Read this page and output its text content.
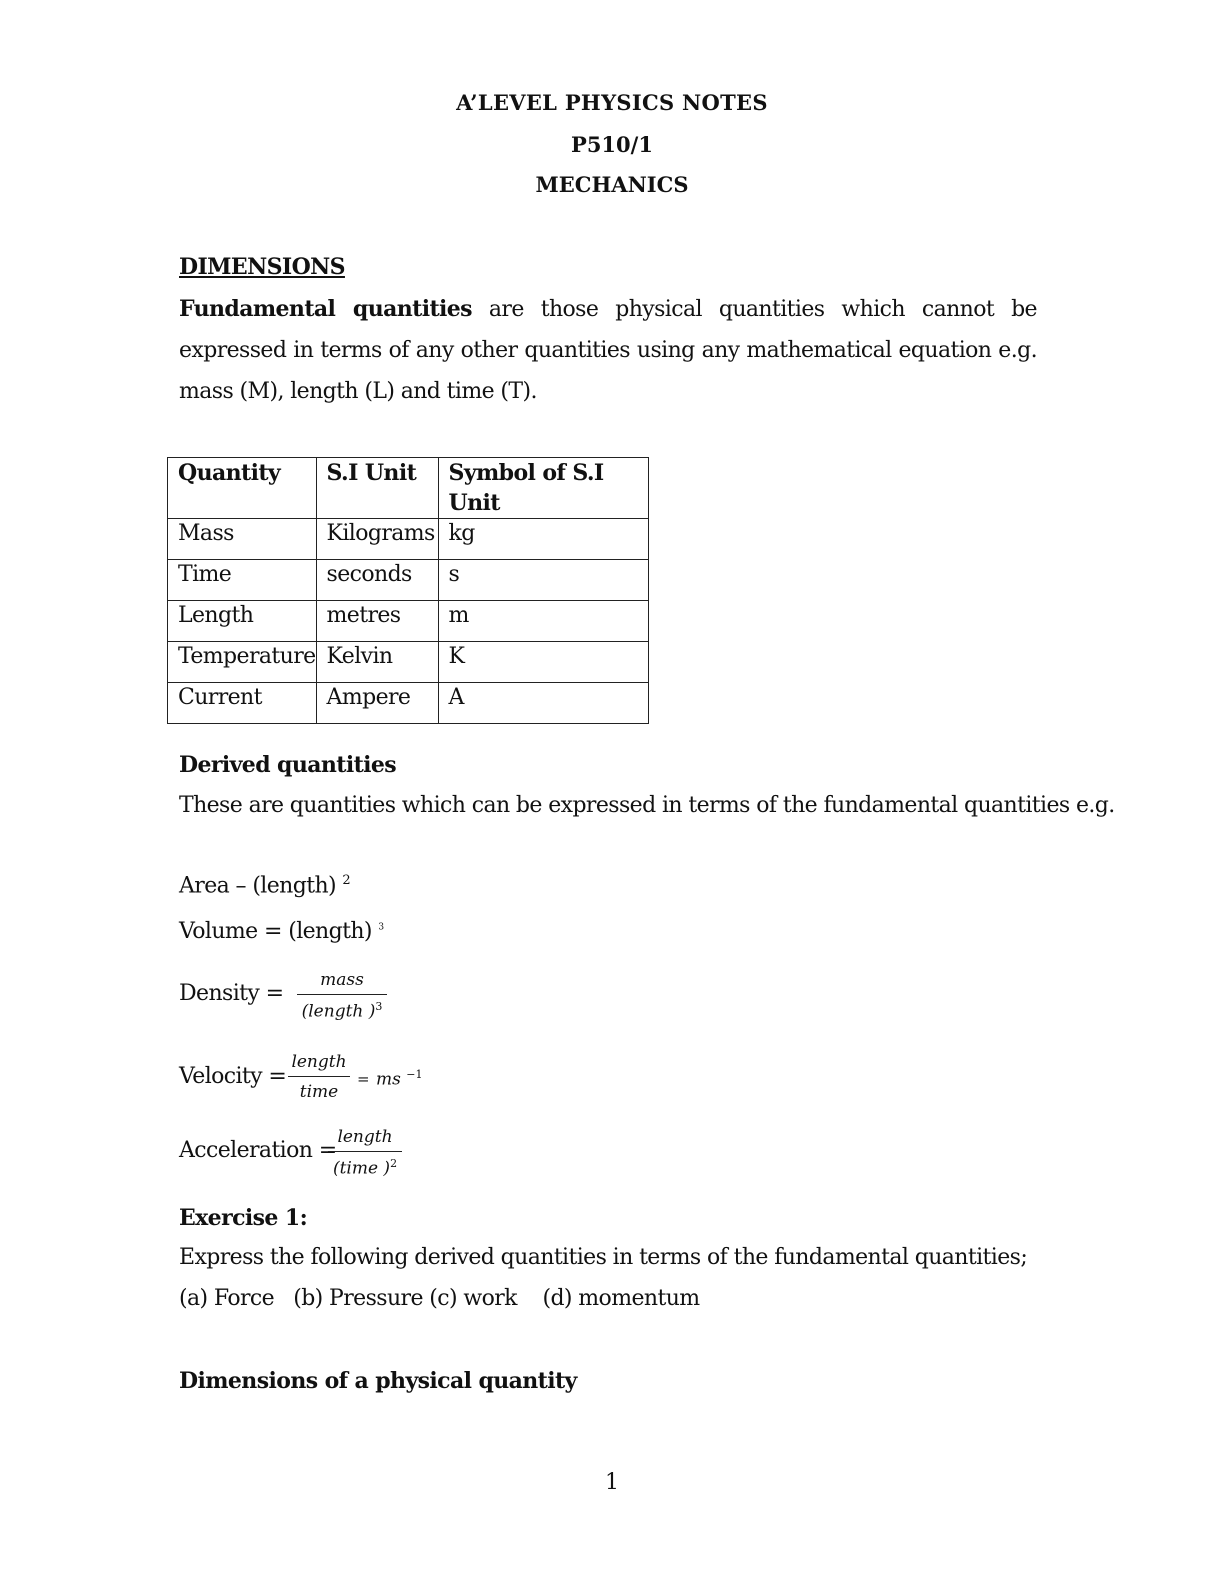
A’LEVEL PHYSICS NOTES
P510/1
MECHANICS
DIMENSIONS
Fundamental quantities are those physical quantities which cannot be expressed in terms of any other quantities using any mathematical equation e.g. mass (M), length (L) and time (T).
Quantity	S.I Unit	Symbol of S.I Unit
Mass	Kilograms	kg
Time	seconds	s
Length	metres	m
Temperature	Kelvin	K
Current	Ampere	A
Derived quantities
These are quantities which can be expressed in terms of the fundamental quantities e.g.
Area – (length) $^2$
Volume = (length) $^3$
Density =
mass
(length )$^3$
Velocity =
length
time
= ms $^{-1}$
Acceleration =
length
(time )$^2$
Exercise 1:
Express the following derived quantities in terms of the fundamental quantities;
(a) Force   (b) Pressure (c) work    (d) momentum
Dimensions of a physical quantity
1
